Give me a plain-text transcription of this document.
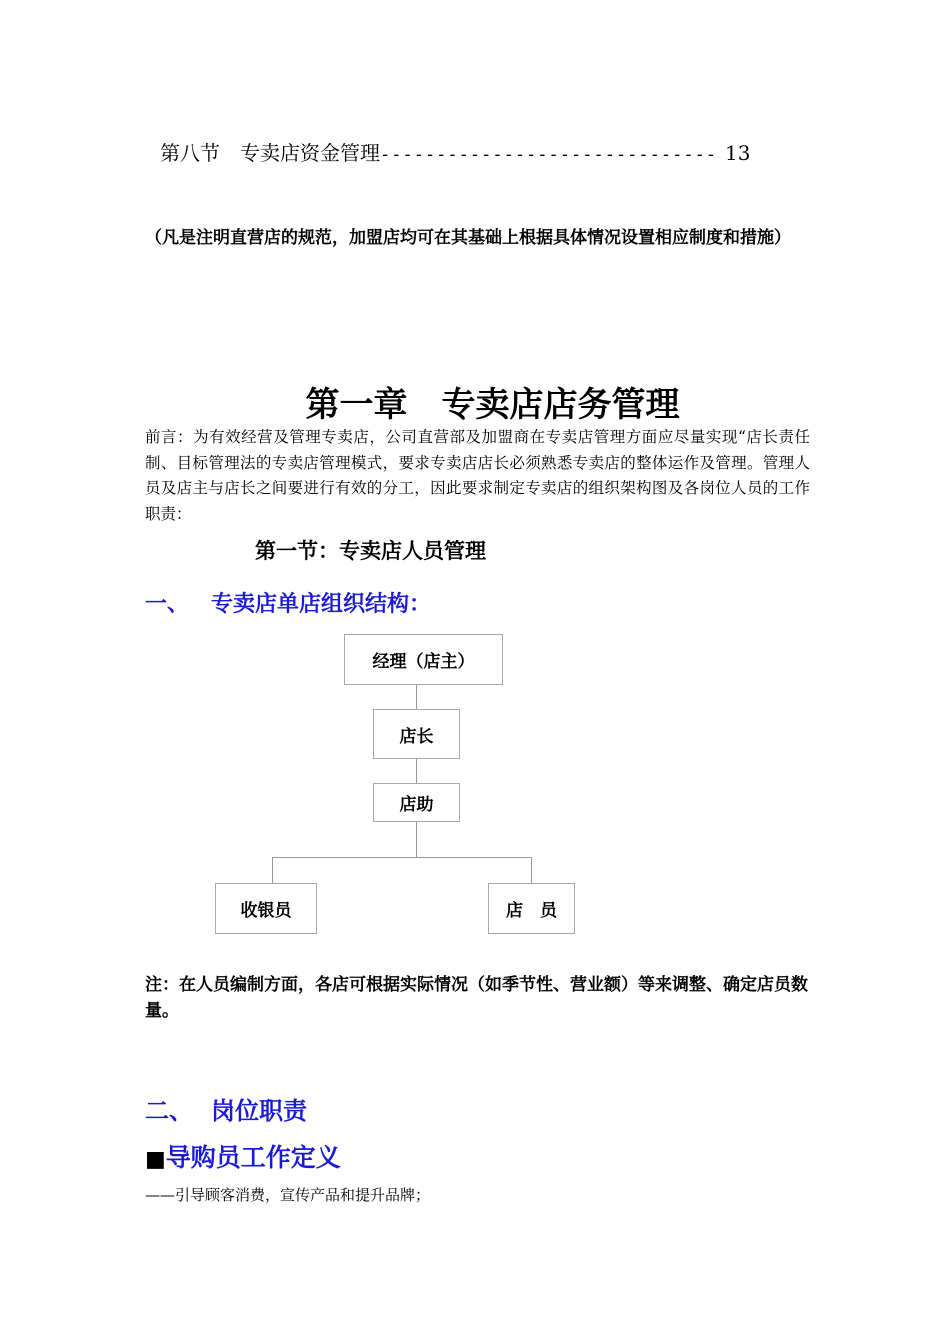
第八节　专卖店资金管理------------------------------ 13
（凡是注明直营店的规范，加盟店均可在其基础上根据具体情况设置相应制度和措施）
第一章　专卖店店务管理
前言：为有效经营及管理专卖店，公司直营部及加盟商在专卖店管理方面应尽量实现“店长责任制、目标管理法的专卖店管理模式，要求专卖店店长必须熟悉专卖店的整体运作及管理。管理人员及店主与店长之间要进行有效的分工，因此要求制定专卖店的组织架构图及各岗位人员的工作职责：
第一节：专卖店人员管理
一、 专卖店单店组织结构：
经理（店主）
店长
店助
收银员	店　员
注：在人员编制方面，各店可根据实际情况（如季节性、营业额）等来调整、确定店员数量。
二、 岗位职责
■导购员工作定义
——引导顾客消费，宣传产品和提升品牌；
